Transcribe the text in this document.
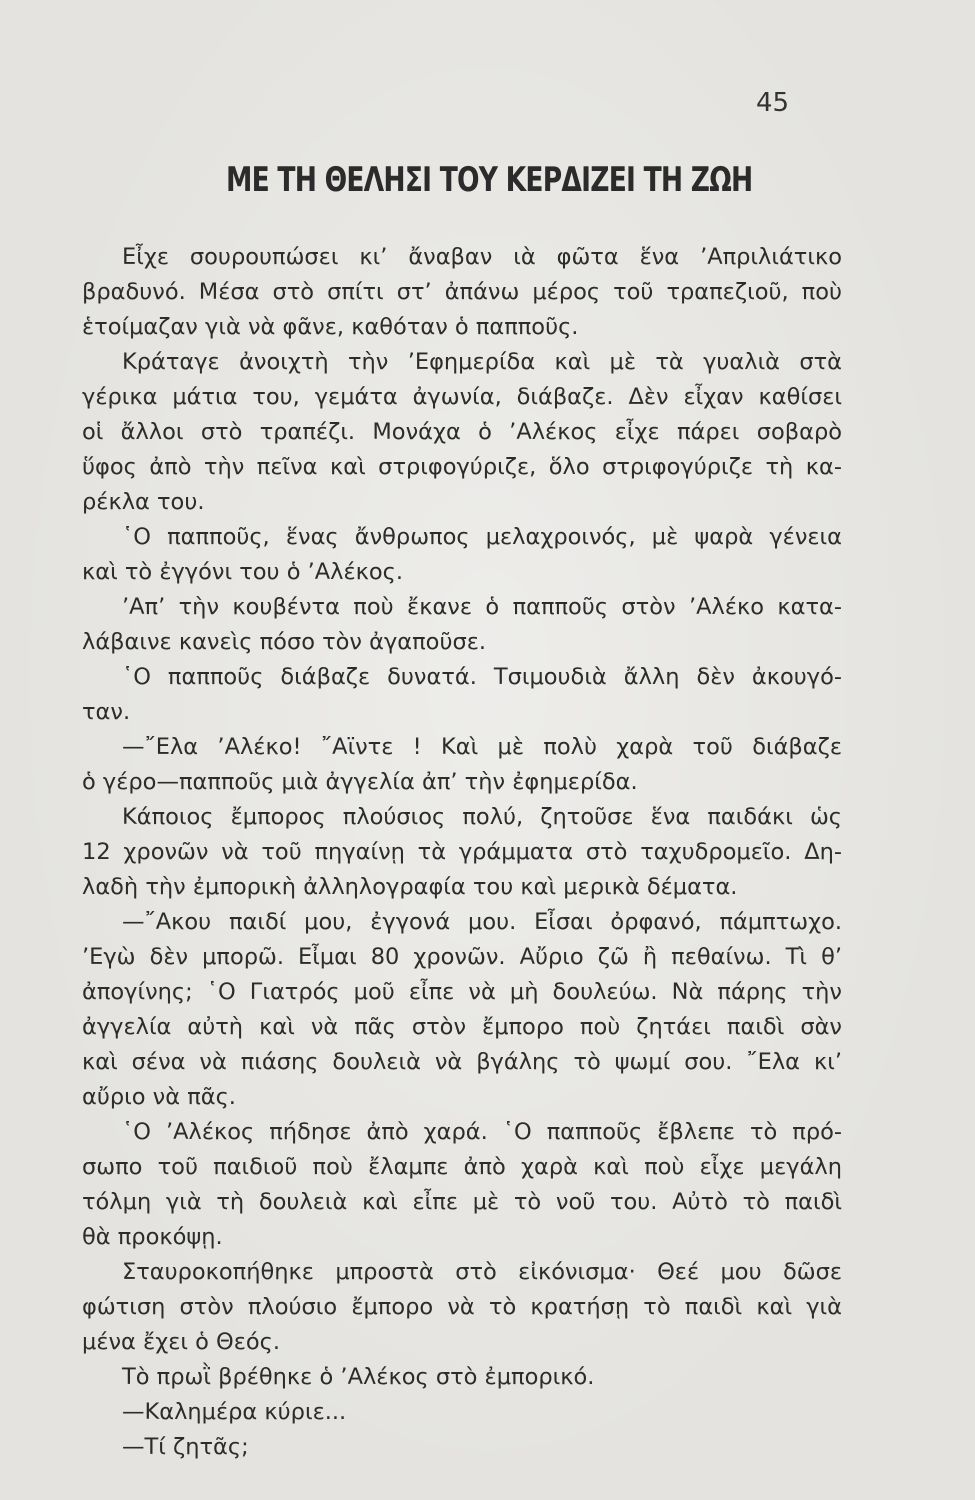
45
ΜΕ ΤΗ ΘΕΛΗΣΙ ΤΟΥ ΚΕΡΔΙΖΕΙ ΤΗ ΖΩΗ
Εἶχε σουρουπώσει κι’ ἄναβαν ιὰ φῶτα ἕνα ’Απριλιάτικο
βραδυνό. Μέσα στὸ σπίτι στ’ ἀπάνω μέρος τοῦ τραπεζιοῦ, ποὺ
ἑτοίμαζαν γιὰ νὰ φᾶνε, καθόταν ὁ παπποῦς.
Κράταγε ἀνοιχτὴ τὴν ’Εφημερίδα καὶ μὲ τὰ γυαλιὰ στὰ
γέρικα μάτια του, γεμάτα ἀγωνία, διάβαζε. Δὲν εἶχαν καθίσει
οἱ ἄλλοι στὸ τραπέζι. Μονάχα ὁ ’Αλέκος εἶχε πάρει σοβαρὸ
ὕφος ἀπὸ τὴν πεῖνα καὶ στριφογύριζε, ὅλο στριφογύριζε τὴ κα-
ρέκλα του.
῾Ο παπποῦς, ἕνας ἄνθρωπος μελαχροινός, μὲ ψαρὰ γένεια
καὶ τὸ ἐγγόνι του ὁ ’Αλέκος.
’Απ’ τὴν κουβέντα ποὺ ἔκανε ὁ παπποῦς στὸν ’Αλέκο κατα-
λάβαινε κανεὶς πόσο τὸν ἀγαποῦσε.
῾Ο παπποῦς διάβαζε δυνατά. Τσιμουδιὰ ἄλλη δὲν ἀκουγό-
ταν.
—῎Ελα ’Αλέκο! ῎Αϊντε ! Καὶ μὲ πολὺ χαρὰ τοῦ διάβαζε
ὁ γέρο—παπποῦς μιὰ ἀγγελία ἀπ’ τὴν ἐφημερίδα.
Κάποιος ἔμπορος πλούσιος πολύ, ζητοῦσε ἕνα παιδάκι ὡς
12 χρονῶν νὰ τοῦ πηγαίνῃ τὰ γράμματα στὸ ταχυδρομεῖο. Δη-
λαδὴ τὴν ἐμπορικὴ ἀλληλογραφία του καὶ μερικὰ δέματα.
—῎Ακου παιδί μου, ἐγγονά μου. Εἶσαι ὀρφανό, πάμπτωχο.
’Εγὼ δὲν μπορῶ. Εἶμαι 80 χρονῶν. Αὔριο ζῶ ἢ πεθαίνω. Τὶ θ’
ἀπογίνης; ῾Ο Γιατρός μοῦ εἶπε νὰ μὴ δουλεύω. Νὰ πάρης τὴν
ἀγγελία αὐτὴ καὶ νὰ πᾶς στὸν ἔμπορο ποὺ ζητάει παιδὶ σὰν
καὶ σένα νὰ πιάσης δουλειὰ νὰ βγάλης τὸ ψωμί σου. ῎Ελα κι’
αὔριο νὰ πᾶς.
῾Ο ’Αλέκος πήδησε ἀπὸ χαρά. ῾Ο παπποῦς ἔβλεπε τὸ πρό-
σωπο τοῦ παιδιοῦ ποὺ ἔλαμπε ἀπὸ χαρὰ καὶ ποὺ εἶχε μεγάλη
τόλμη γιὰ τὴ δουλειὰ καὶ εἶπε μὲ τὸ νοῦ του. Αὐτὸ τὸ παιδὶ
θὰ προκόψῃ.
Σταυροκοπήθηκε μπροστὰ στὸ εἰκόνισμα· Θεέ μου δῶσε
φώτιση στὸν πλούσιο ἔμπορο νὰ τὸ κρατήσῃ τὸ παιδὶ καὶ γιὰ
μένα ἔχει ὁ Θεός.
Τὸ πρωῒ βρέθηκε ὁ ’Αλέκος στὸ ἐμπορικό.
—Καλημέρα κύριε...
—Τί ζητᾶς;
